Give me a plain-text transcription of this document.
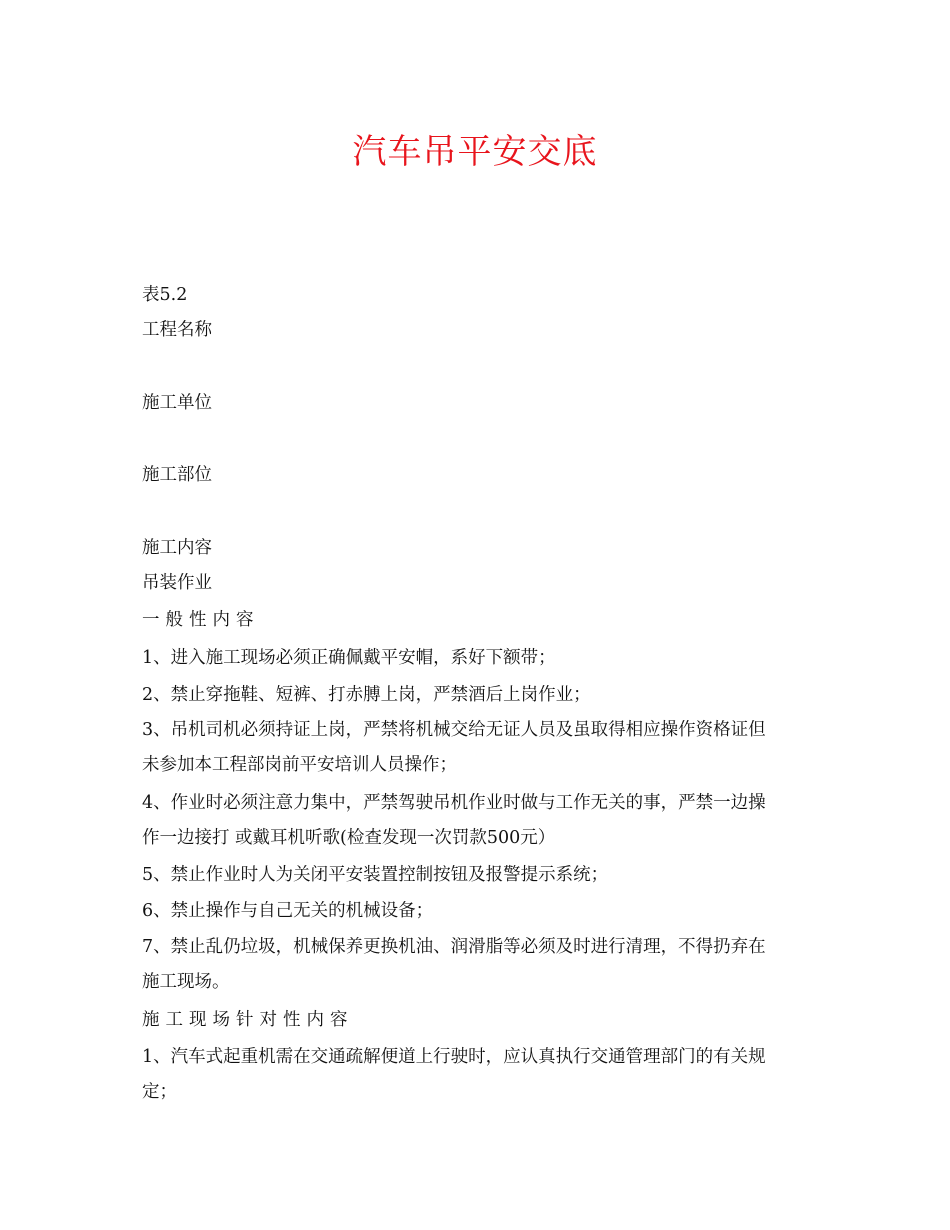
汽车吊平安交底
表5.2
工程名称
施工单位
施工部位
施工内容
吊装作业
一般性内容
1、进入施工现场必须正确佩戴平安帽，系好下额带；
2、禁止穿拖鞋、短裤、打赤膊上岗，严禁酒后上岗作业；
3、吊机司机必须持证上岗，严禁将机械交给无证人员及虽取得相应操作资格证但
未参加本工程部岗前平安培训人员操作；
4、作业时必须注意力集中，严禁驾驶吊机作业时做与工作无关的事，严禁一边操
作一边接打 或戴耳机听歌(检查发现一次罚款500元）
5、禁止作业时人为关闭平安装置控制按钮及报警提示系统；
6、禁止操作与自己无关的机械设备；
7、禁止乱仍垃圾，机械保养更换机油、润滑脂等必须及时进行清理，不得扔弃在
施工现场。
施工现场针对性内容
1、汽车式起重机需在交通疏解便道上行驶时，应认真执行交通管理部门的有关规
定；
